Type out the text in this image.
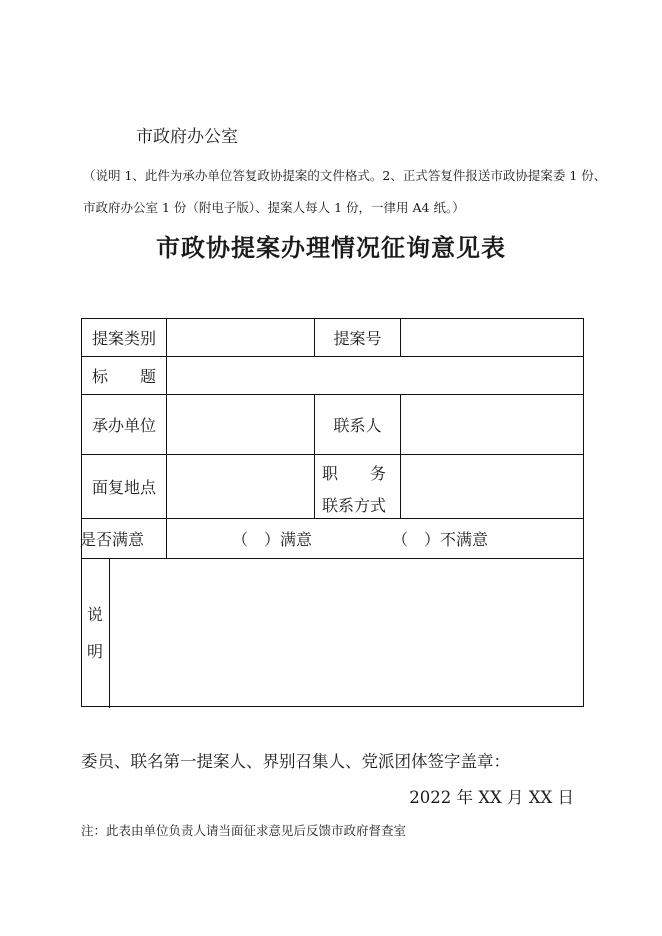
市政府办公室
（说明 1、此件为承办单位答复政协提案的文件格式。2、正式答复件报送市政协提案委 1 份、
市政府办公室 1 份（附电子版）、提案人每人 1 份，一律用 A4 纸。）
市政协提案办理情况征询意见表
提案类别	提案号
标　　题
承办单位	联系人
面复地点
职　　务
联系方式
是否满意	（　）满意	（　）不满意
说
明
委员、联名第一提案人、界别召集人、党派团体签字盖章：
2022 年 XX 月 XX 日
注：此表由单位负责人请当面征求意见后反馈市政府督查室
